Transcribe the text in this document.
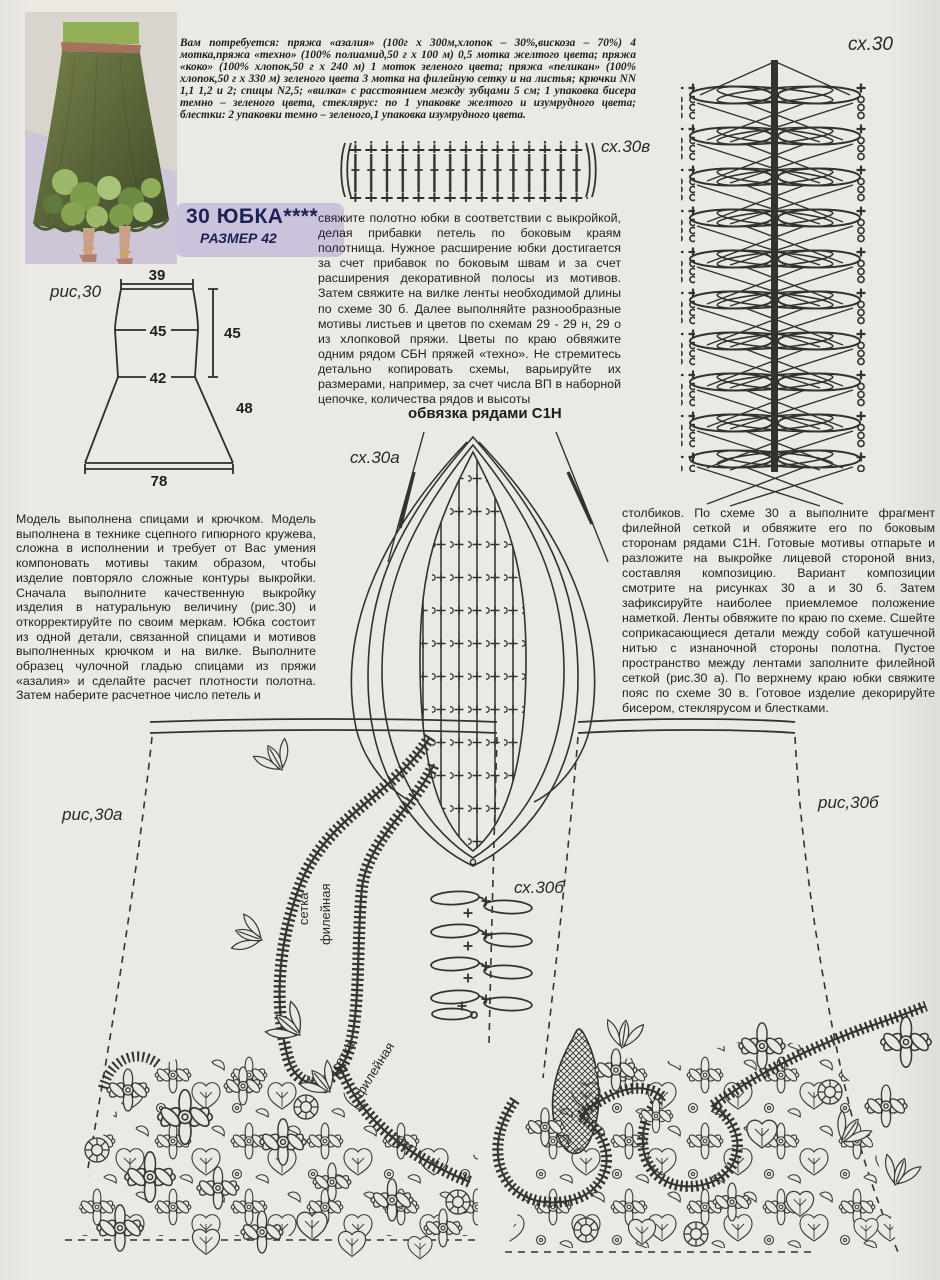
Вам потребуется: пряжа «азалия» (100г х 300м,хлопок – 30%,вискоза – 70%) 4 мотка,пряжа «техно» (100% полиамид,50 г х 100 м) 0,5 мотка желтого цвета; пряжа «коко» (100% хлопок,50 г х 240 м) 1 моток зеленого цвета; пряжа «пеликан» (100% хлопок,50 г х 330 м) зеленого цвета 3 мотка на филейную сетку и на листья; крючки NN 1,1 1,2 и 2; спицы N2,5; «вилка» с расстоянием между зубцами 5 см; 1 упаковка бисера темно – зеленого цвета, стеклярус: по 1 упаковке желтого и изумрудного цвета; блестки: 2 упаковки темно – зеленого,1 упаковка изумрудного цвета.

30 ЮБКА****
РАЗМЕР 42
свяжите полотно юбки в соответствии с выкройкой, делая прибавки петель по боковым краям полотнища. Нужное расширение юбки достигается за счет прибавок по боковым швам и за счет расширения декоративной полосы из мотивов. Затем свяжите на вилке ленты необходимой длины по схеме 30 б. Далее выполняйте разнообразные мотивы листьев и цветов по схемам 29 - 29 н, 29 о из хлопковой пряжи. Цветы по краю обвяжите одним рядом СБН пряжей «техно». Не стремитесь детально копировать схемы, варьируйте их размерами, например, за счет числа ВП в наборной цепочке, количества рядов и высоты
Модель выполнена спицами и крючком. Модель выполнена в технике сцепного гипюрного кружева, сложна в исполнении и требует от Вас умения компоновать мотивы таким образом, чтобы изделие повторяло сложные контуры выкройки. Сначала выполните качественную выкройку изделия в натуральную величину (рис.30) и откорректируйте по своим меркам. Юбка состоит из одной детали, связанной спицами и мотивов выполненных крючком и на вилке. Выполните образец чулочной гладью спицами из пряжи «азалия» и сделайте расчет плотности полотна. Затем наберите расчетное число петель и
столбиков. По схеме 30 а выполните фрагмент филейной сеткой и обвяжите его по боковым сторонам рядами С1Н. Готовые мотивы отпарьте и разложите на выкройке лицевой стороной вниз, составляя композицию. Вариант композиции смотрите на рисунках 30 а и 30 б. Затем зафиксируйте наиболее приемлемое положение наметкой. Ленты обвяжите по краю по схеме. Сшейте соприкасающиеся детали между собой катушечной нитью с изнаночной стороны полотна. Пустое пространство между лентами заполните филейной сеткой (рис.30 а). По верхнему краю юбки свяжите пояс по схеме 30 в. Готовое изделие декорируйте бисером, стеклярусом и блестками.
обвязка рядами С1Н
39
45	45
42
48
78
рис,30
сх.30в
сх.30
сх.30а
сх.30б
сетка филейная
сетка
филейная
рис,30а
рис,30б
